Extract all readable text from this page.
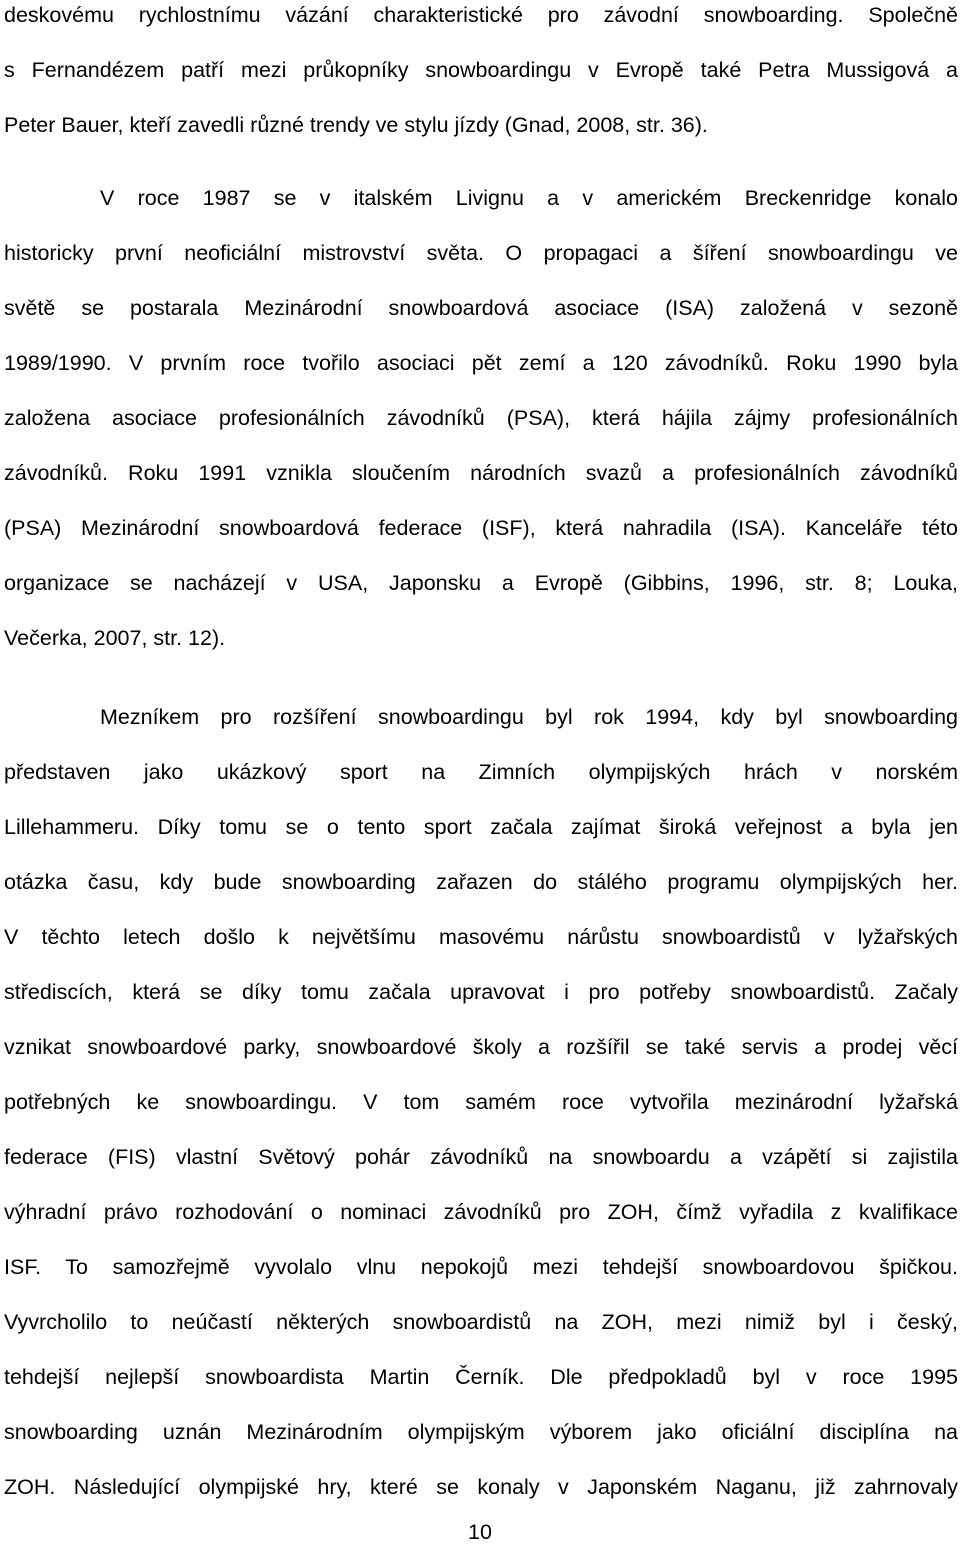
deskovému rychlostnímu vázání charakteristické pro závodní snowboarding. Společně
s Fernandézem patří mezi průkopníky snowboardingu v Evropě také Petra Mussigová a
Peter Bauer, kteří zavedli různé trendy ve stylu jízdy (Gnad, 2008, str. 36).
V roce 1987 se v italském Livignu a v americkém Breckenridge konalo
historicky první neoficiální mistrovství světa. O propagaci a šíření snowboardingu ve
světě se postarala Mezinárodní snowboardová asociace (ISA) založená v sezoně
1989/1990. V prvním roce tvořilo asociaci pět zemí a 120 závodníků. Roku 1990 byla
založena asociace profesionálních závodníků (PSA), která hájila zájmy profesionálních
závodníků. Roku 1991 vznikla sloučením národních svazů a profesionálních závodníků
(PSA) Mezinárodní snowboardová federace (ISF), která nahradila (ISA). Kanceláře této
organizace se nacházejí v USA, Japonsku a Evropě (Gibbins, 1996, str. 8; Louka,
Večerka, 2007, str. 12).
Mezníkem pro rozšíření snowboardingu byl rok 1994, kdy byl snowboarding
představen jako ukázkový sport na Zimních olympijských hrách v norském
Lillehammeru. Díky tomu se o tento sport začala zajímat široká veřejnost a byla jen
otázka času, kdy bude snowboarding zařazen do stálého programu olympijských her.
V těchto letech došlo k největšímu masovému nárůstu snowboardistů v lyžařských
střediscích, která se díky tomu začala upravovat i pro potřeby snowboardistů. Začaly
vznikat snowboardové parky, snowboardové školy a rozšířil se také servis a prodej věcí
potřebných ke snowboardingu. V tom samém roce vytvořila mezinárodní lyžařská
federace (FIS) vlastní Světový pohár závodníků na snowboardu a vzápětí si zajistila
výhradní právo rozhodování o nominaci závodníků pro ZOH, čímž vyřadila z kvalifikace
ISF. To samozřejmě vyvolalo vlnu nepokojů mezi tehdejší snowboardovou špičkou.
Vyvrcholilo to neúčastí některých snowboardistů na ZOH, mezi nimiž byl i český,
tehdejší nejlepší snowboardista Martin Černík. Dle předpokladů byl v roce 1995
snowboarding uznán Mezinárodním olympijským výborem jako oficiální disciplína na
ZOH. Následující olympijské hry, které se konaly v Japonském Naganu, již zahrnovaly
10
